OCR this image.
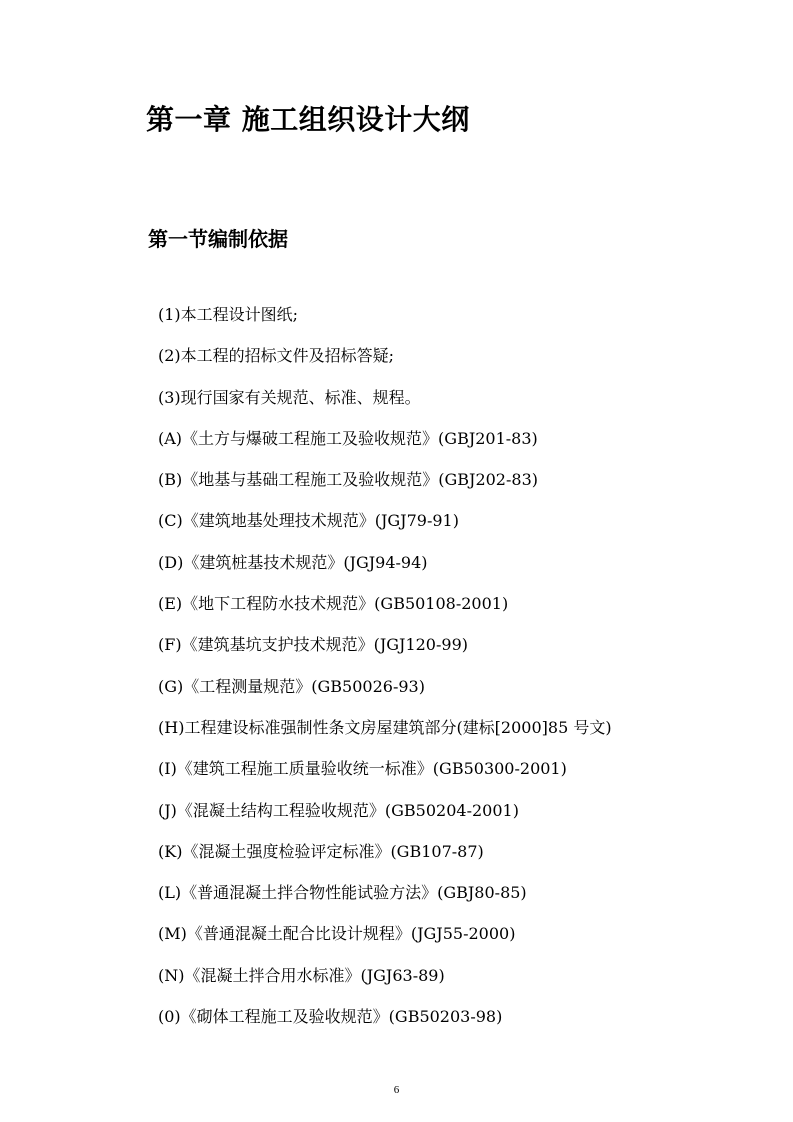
第一章 施工组织设计大纲
第一节编制依据
(1)本工程设计图纸;
(2)本工程的招标文件及招标答疑;
(3)现行国家有关规范、标准、规程。
(A)《土方与爆破工程施工及验收规范》(GBJ201-83)
(B)《地基与基础工程施工及验收规范》(GBJ202-83)
(C)《建筑地基处理技术规范》(JGJ79-91)
(D)《建筑桩基技术规范》(JGJ94-94)
(E)《地下工程防水技术规范》(GB50108-2001)
(F)《建筑基坑支护技术规范》(JGJ120-99)
(G)《工程测量规范》(GB50026-93)
(H)工程建设标准强制性条文房屋建筑部分(建标[2000]85 号文)
(I)《建筑工程施工质量验收统一标准》(GB50300-2001)
(J)《混凝土结构工程验收规范》(GB50204-2001)
(K)《混凝土强度检验评定标准》(GB107-87)
(L)《普通混凝土拌合物性能试验方法》(GBJ80-85)
(M)《普通混凝土配合比设计规程》(JGJ55-2000)
(N)《混凝土拌合用水标准》(JGJ63-89)
(0)《砌体工程施工及验收规范》(GB50203-98)
6
